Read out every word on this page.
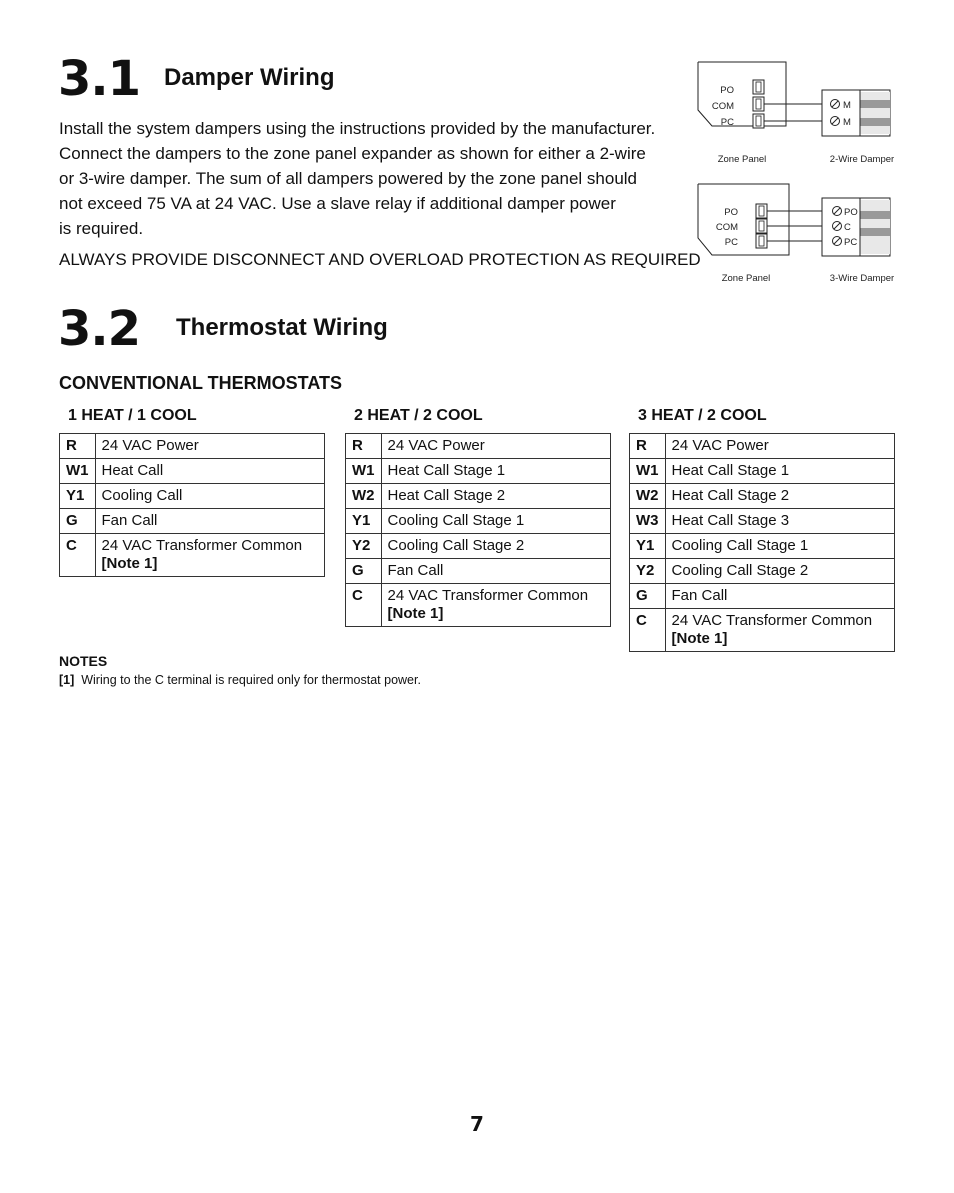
3.1 Damper Wiring
Install the system dampers using the instructions provided by the manufacturer.
Connect the dampers to the zone panel expander as shown for either a 2-wire
or 3-wire damper. The sum of all dampers powered by the zone panel should
not exceed 75 VA at 24 VAC. Use a slave relay if additional damper power
is required.
ALWAYS PROVIDE DISCONNECT AND OVERLOAD PROTECTION AS REQUIRED
PO
COM
PC
M
M
Zone Panel	2-Wire Damper
PO
COM
PC
PO
C
PC
Zone Panel	3-Wire Damper
3.2 Thermostat Wiring
CONVENTIONAL THERMOSTATS
1 HEAT / 1 COOL
R	24 VAC Power
W1	Heat Call
Y1	Cooling Call
G	Fan Call
C	24 VAC Transformer Common
[Note 1]
2 HEAT / 2 COOL
R	24 VAC Power
W1	Heat Call Stage 1
W2	Heat Call Stage 2
Y1	Cooling Call Stage 1
Y2	Cooling Call Stage 2
G	Fan Call
C	24 VAC Transformer Common
[Note 1]
3 HEAT / 2 COOL
R	24 VAC Power
W1	Heat Call Stage 1
W2	Heat Call Stage 2
W3	Heat Call Stage 3
Y1	Cooling Call Stage 1
Y2	Cooling Call Stage 2
G	Fan Call
C	24 VAC Transformer Common
[Note 1]
NOTES
[1] Wiring to the C terminal is required only for thermostat power.
7
